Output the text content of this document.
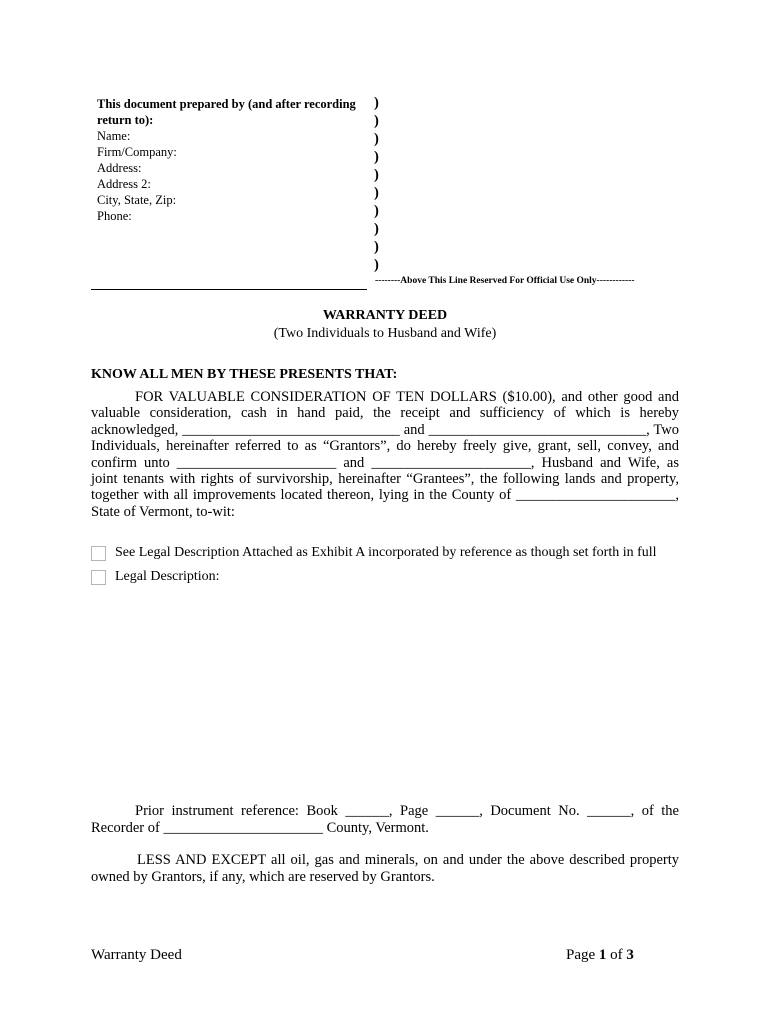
This document prepared by (and after recording return to):
Name:
Firm/Company:
Address:
Address 2:
City, State, Zip:
Phone:
)
)
)
)
)
)
)
)
)
)
--------Above This Line Reserved For Official Use Only------------
WARRANTY DEED
(Two Individuals to Husband and Wife)
KNOW ALL MEN BY THESE PRESENTS THAT:
FOR VALUABLE CONSIDERATION OF TEN DOLLARS ($10.00), and other good and valuable consideration, cash in hand paid, the receipt and sufficiency of which is hereby acknowledged, ______________________________ and ______________________________, Two Individuals, hereinafter referred to as “Grantors”, do hereby freely give, grant, sell, convey, and confirm unto ______________________ and ______________________, Husband and Wife, as joint tenants with rights of survivorship, hereinafter “Grantees”, the following lands and property, together with all improvements located thereon, lying in the County of ______________________, State of Vermont, to-wit:
See Legal Description Attached as Exhibit A incorporated by reference as though set forth in full
Legal Description:
Prior instrument reference: Book ______, Page ______, Document No. ______, of the Recorder of ______________________ County, Vermont.
LESS AND EXCEPT all oil, gas and minerals, on and under the above described property owned by Grantors, if any, which are reserved by Grantors.
Warranty Deed	Page 1 of 3
